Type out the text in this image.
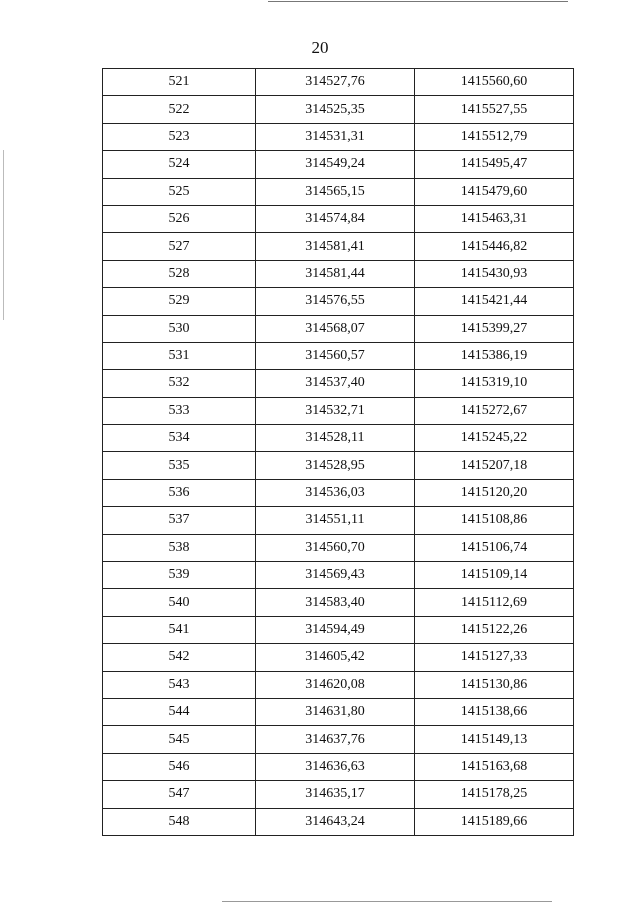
20
521	314527,76	1415560,60
522	314525,35	1415527,55
523	314531,31	1415512,79
524	314549,24	1415495,47
525	314565,15	1415479,60
526	314574,84	1415463,31
527	314581,41	1415446,82
528	314581,44	1415430,93
529	314576,55	1415421,44
530	314568,07	1415399,27
531	314560,57	1415386,19
532	314537,40	1415319,10
533	314532,71	1415272,67
534	314528,11	1415245,22
535	314528,95	1415207,18
536	314536,03	1415120,20
537	314551,11	1415108,86
538	314560,70	1415106,74
539	314569,43	1415109,14
540	314583,40	1415112,69
541	314594,49	1415122,26
542	314605,42	1415127,33
543	314620,08	1415130,86
544	314631,80	1415138,66
545	314637,76	1415149,13
546	314636,63	1415163,68
547	314635,17	1415178,25
548	314643,24	1415189,66
